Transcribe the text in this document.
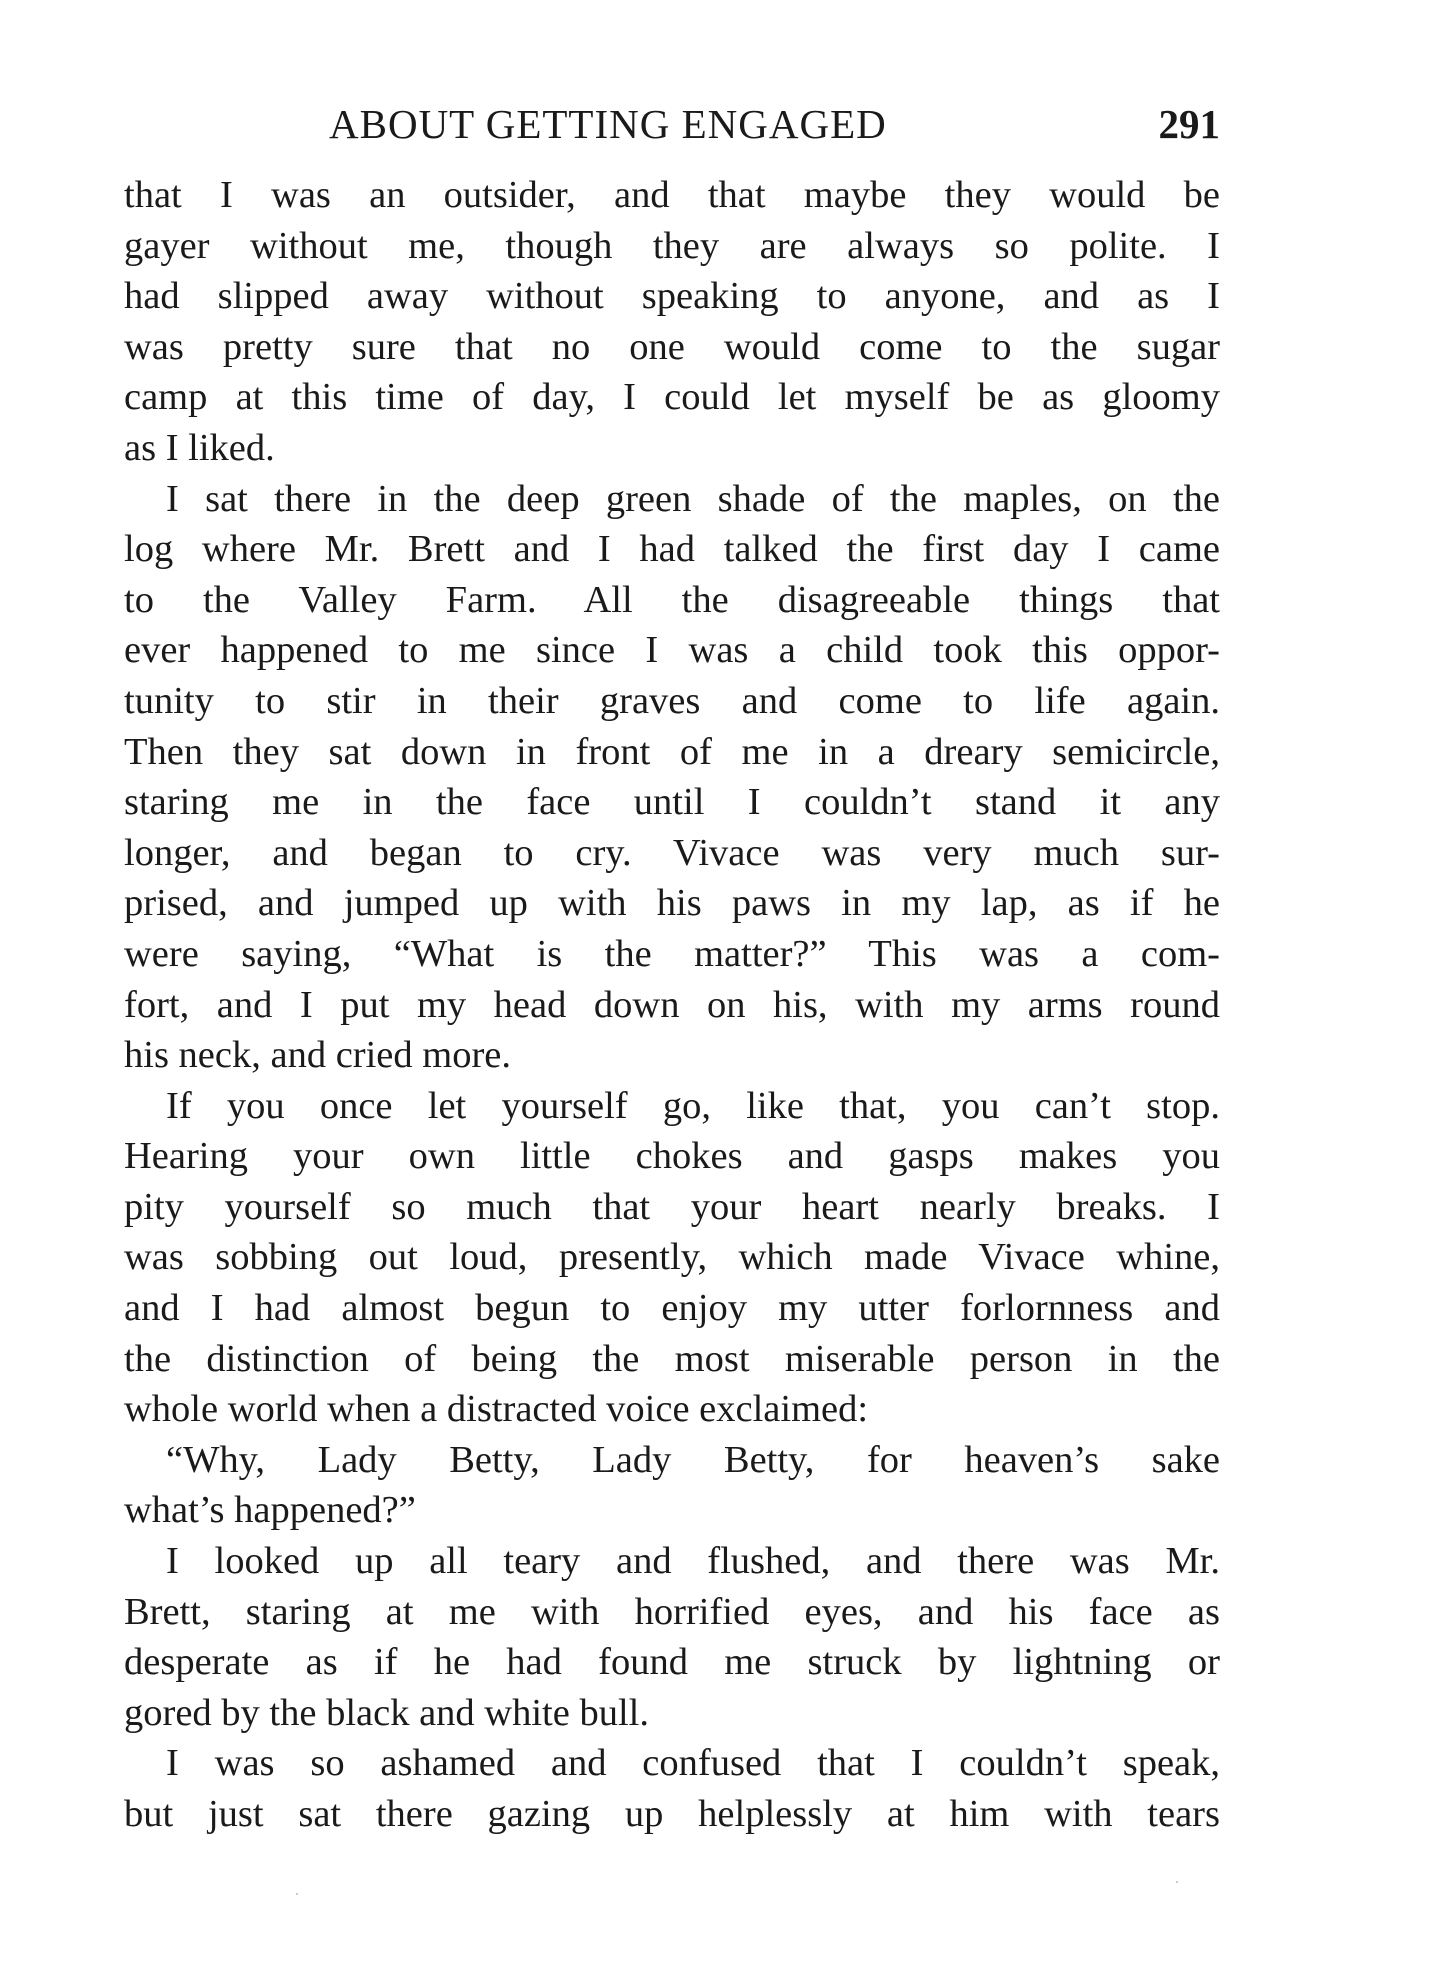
ABOUT GETTING ENGAGED	291
that I was an outsider, and that maybe they would be
gayer without me, though they are always so polite. I
had slipped away without speaking to anyone, and as I
was pretty sure that no one would come to the sugar
camp at this time of day, I could let myself be as gloomy
as I liked.
I sat there in the deep green shade of the maples, on the
log where Mr. Brett and I had talked the first day I came
to the Valley Farm. All the disagreeable things that
ever happened to me since I was a child took this oppor-
tunity to stir in their graves and come to life again.
Then they sat down in front of me in a dreary semicircle,
staring me in the face until I couldn’t stand it any
longer, and began to cry. Vivace was very much sur-
prised, and jumped up with his paws in my lap, as if he
were saying, “What is the matter?” This was a com-
fort, and I put my head down on his, with my arms round
his neck, and cried more.
If you once let yourself go, like that, you can’t stop.
Hearing your own little chokes and gasps makes you
pity yourself so much that your heart nearly breaks. I
was sobbing out loud, presently, which made Vivace whine,
and I had almost begun to enjoy my utter forlornness and
the distinction of being the most miserable person in the
whole world when a distracted voice exclaimed:
“Why, Lady Betty, Lady Betty, for heaven’s sake
what’s happened?”
I looked up all teary and flushed, and there was Mr.
Brett, staring at me with horrified eyes, and his face as
desperate as if he had found me struck by lightning or
gored by the black and white bull.
I was so ashamed and confused that I couldn’t speak,
but just sat there gazing up helplessly at him with tears
